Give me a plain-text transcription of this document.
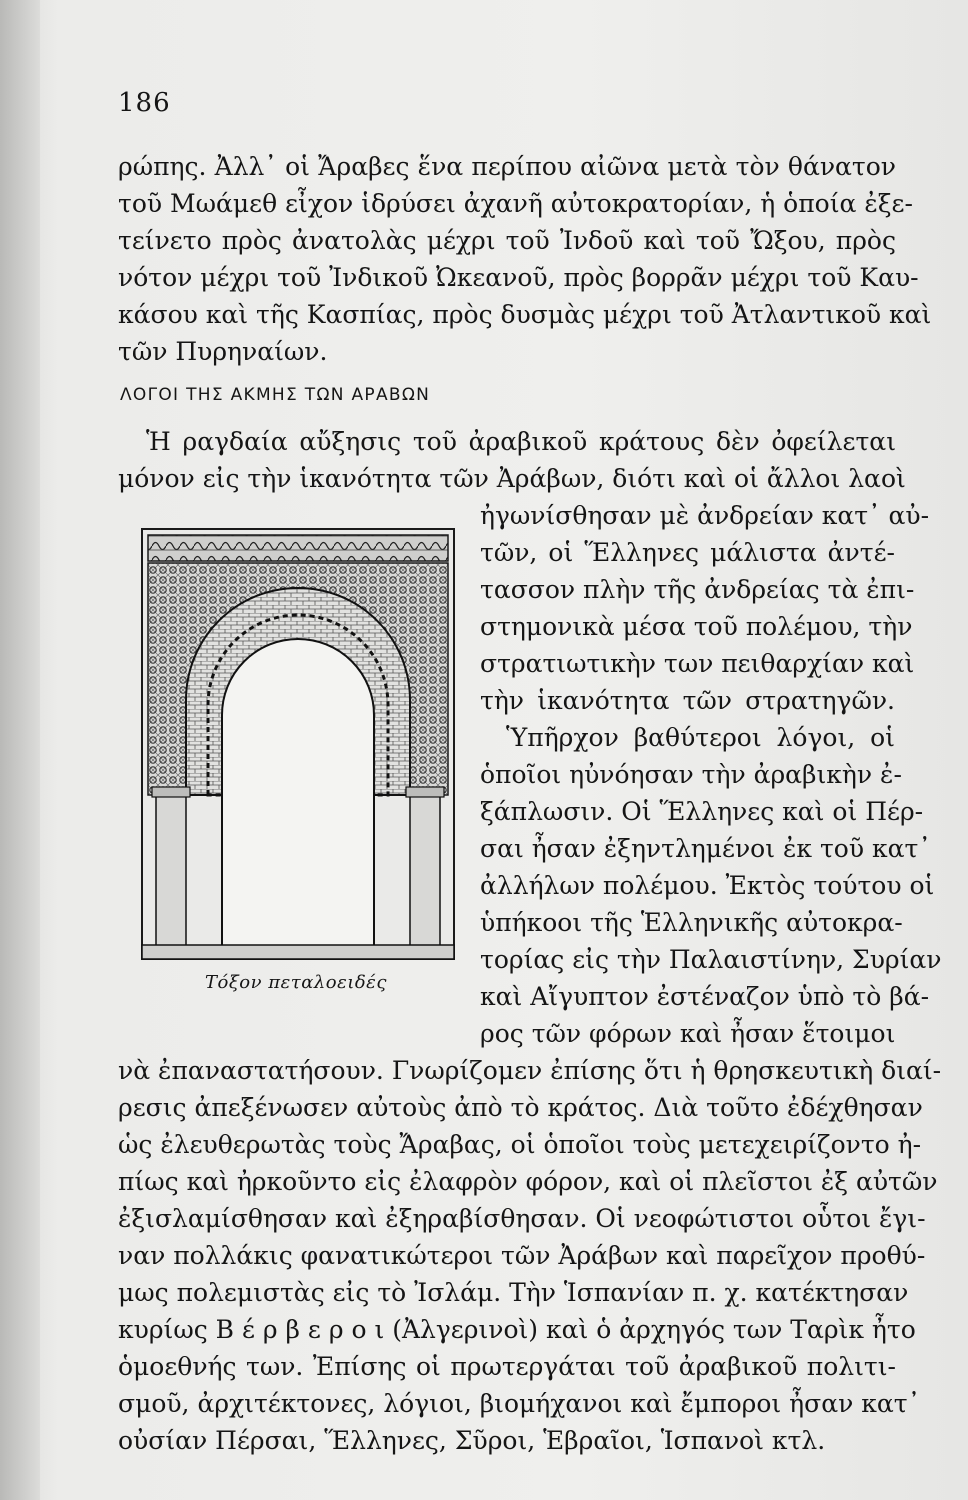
186
ρώπης. Ἀλλ᾿ οἱ Ἄραβες ἕνα περίπου αἰῶνα μετὰ τὸν θάνατον
τοῦ Μωάμεθ εἶχον ἱδρύσει ἀχανῆ αὐτοκρατορίαν, ἡ ὁποία ἐξε-
τείνετο πρὸς ἀνατολὰς μέχρι τοῦ Ἰνδοῦ καὶ τοῦ Ὤξου, πρὸς
νότον μέχρι τοῦ Ἰνδικοῦ Ὠκεανοῦ, πρὸς βορρᾶν μέχρι τοῦ Καυ-
κάσου καὶ τῆς Κασπίας, πρὸς δυσμὰς μέχρι τοῦ Ἀτλαντικοῦ καὶ
τῶν Πυρηναίων.
ΛΟΓΟΙ ΤΗΣ ΑΚΜΗΣ ΤΩΝ ΑΡΑΒΩΝ
Ἡ ραγδαία αὔξησις τοῦ ἀραβικοῦ κράτους δὲν ὀφείλεται
μόνον εἰς τὴν ἱκανότητα τῶν Ἀράβων, διότι καὶ οἱ ἄλλοι λαοὶ
ἠγωνίσθησαν μὲ ἀνδρείαν κατ᾿ αὐ-
τῶν, οἱ Ἕλληνες μάλιστα ἀντέ-
τασσον πλὴν τῆς ἀνδρείας τὰ ἐπι-
στημονικὰ μέσα τοῦ πολέμου, τὴν
στρατιωτικὴν των πειθαρχίαν καὶ
τὴν ἱκανότητα τῶν στρατηγῶν.
Ὑπῆρχον βαθύτεροι λόγοι, οἱ
ὁποῖοι ηὐνόησαν τὴν ἀραβικὴν ἐ-
ξάπλωσιν. Οἱ Ἕλληνες καὶ οἱ Πέρ-
σαι ἦσαν ἐξηντλημένοι ἐκ τοῦ κατ᾿
ἀλλήλων πολέμου. Ἐκτὸς τούτου οἱ
ὑπήκοοι τῆς Ἑλληνικῆς αὐτοκρα-
τορίας εἰς τὴν Παλαιστίνην, Συρίαν
καὶ Αἴγυπτον ἐστέναζον ὑπὸ τὸ βά-
ρος τῶν φόρων καὶ ἦσαν ἕτοιμοι
νὰ ἐπαναστατήσουν. Γνωρίζομεν ἐπίσης ὅτι ἡ θρησκευτικὴ διαί-
ρεσις ἀπεξένωσεν αὐτοὺς ἀπὸ τὸ κράτος. Διὰ τοῦτο ἐδέχθησαν
ὡς ἐλευθερωτὰς τοὺς Ἄραβας, οἱ ὁποῖοι τοὺς μετεχειρίζοντο ἠ-
πίως καὶ ἠρκοῦντο εἰς ἐλαφρὸν φόρον, καὶ οἱ πλεῖστοι ἐξ αὐτῶν
ἐξισλαμίσθησαν καὶ ἐξηραβίσθησαν. Οἱ νεοφώτιστοι οὗτοι ἔγι-
ναν πολλάκις φανατικώτεροι τῶν Ἀράβων καὶ παρεῖχον προθύ-
μως πολεμιστὰς εἰς τὸ Ἰσλάμ. Τὴν Ἱσπανίαν π. χ. κατέκτησαν
κυρίως Β έ ρ β ε ρ ο ι (Ἀλγερινοὶ) καὶ ὁ ἀρχηγός των Ταρὶκ ἦτο
ὁμοεθνής των. Ἐπίσης οἱ πρωτεργάται τοῦ ἀραβικοῦ πολιτι-
σμοῦ, ἀρχιτέκτονες, λόγιοι, βιομήχανοι καὶ ἔμποροι ἦσαν κατ᾿
οὐσίαν Πέρσαι, Ἕλληνες, Σῦροι, Ἑβραῖοι, Ἱσπανοὶ κτλ.
Τόξον πεταλοειδές
